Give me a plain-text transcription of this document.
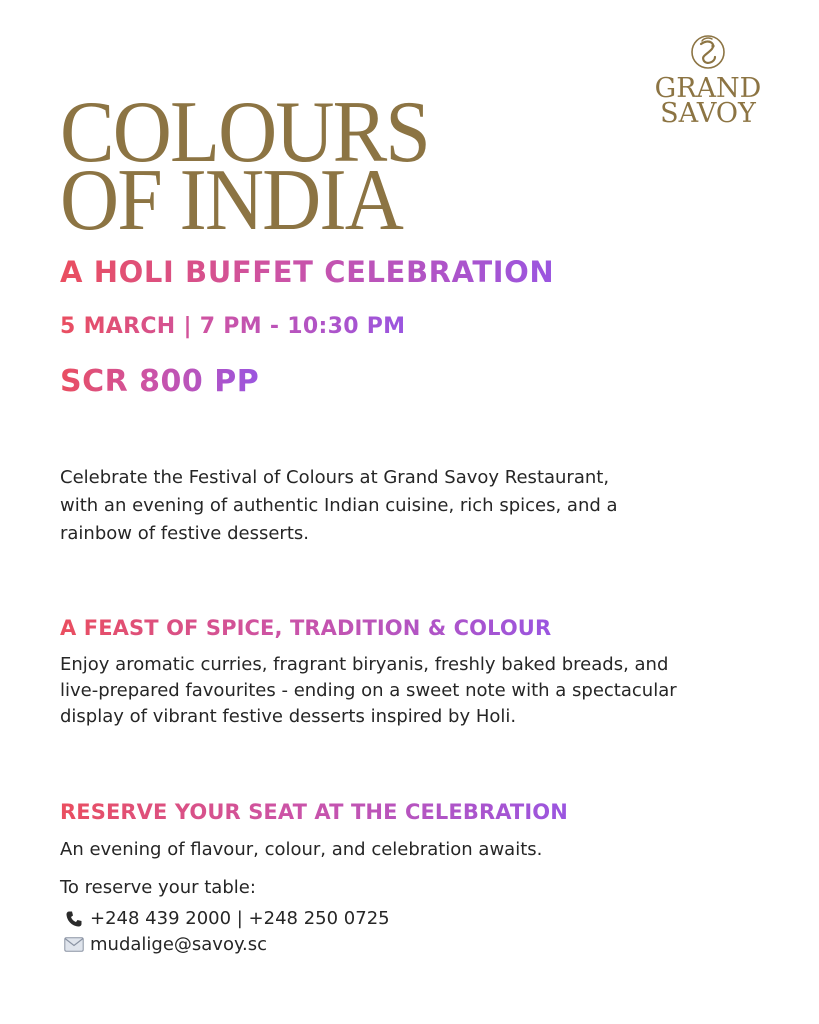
GRAND
SAVOY
COLOURS
OF INDIA
A HOLI BUFFET CELEBRATION
5 MARCH | 7 PM - 10:30 PM
SCR 800 PP
Celebrate the Festival of Colours at Grand Savoy Restaurant,
with an evening of authentic Indian cuisine, rich spices, and a
rainbow of festive desserts.
A FEAST OF SPICE, TRADITION & COLOUR
Enjoy aromatic curries, fragrant biryanis, freshly baked breads, and
live-prepared favourites - ending on a sweet note with a spectacular
display of vibrant festive desserts inspired by Holi.
RESERVE YOUR SEAT AT THE CELEBRATION
An evening of flavour, colour, and celebration awaits.
To reserve your table:
+248 439 2000 | +248 250 0725
mudalige@savoy.sc
